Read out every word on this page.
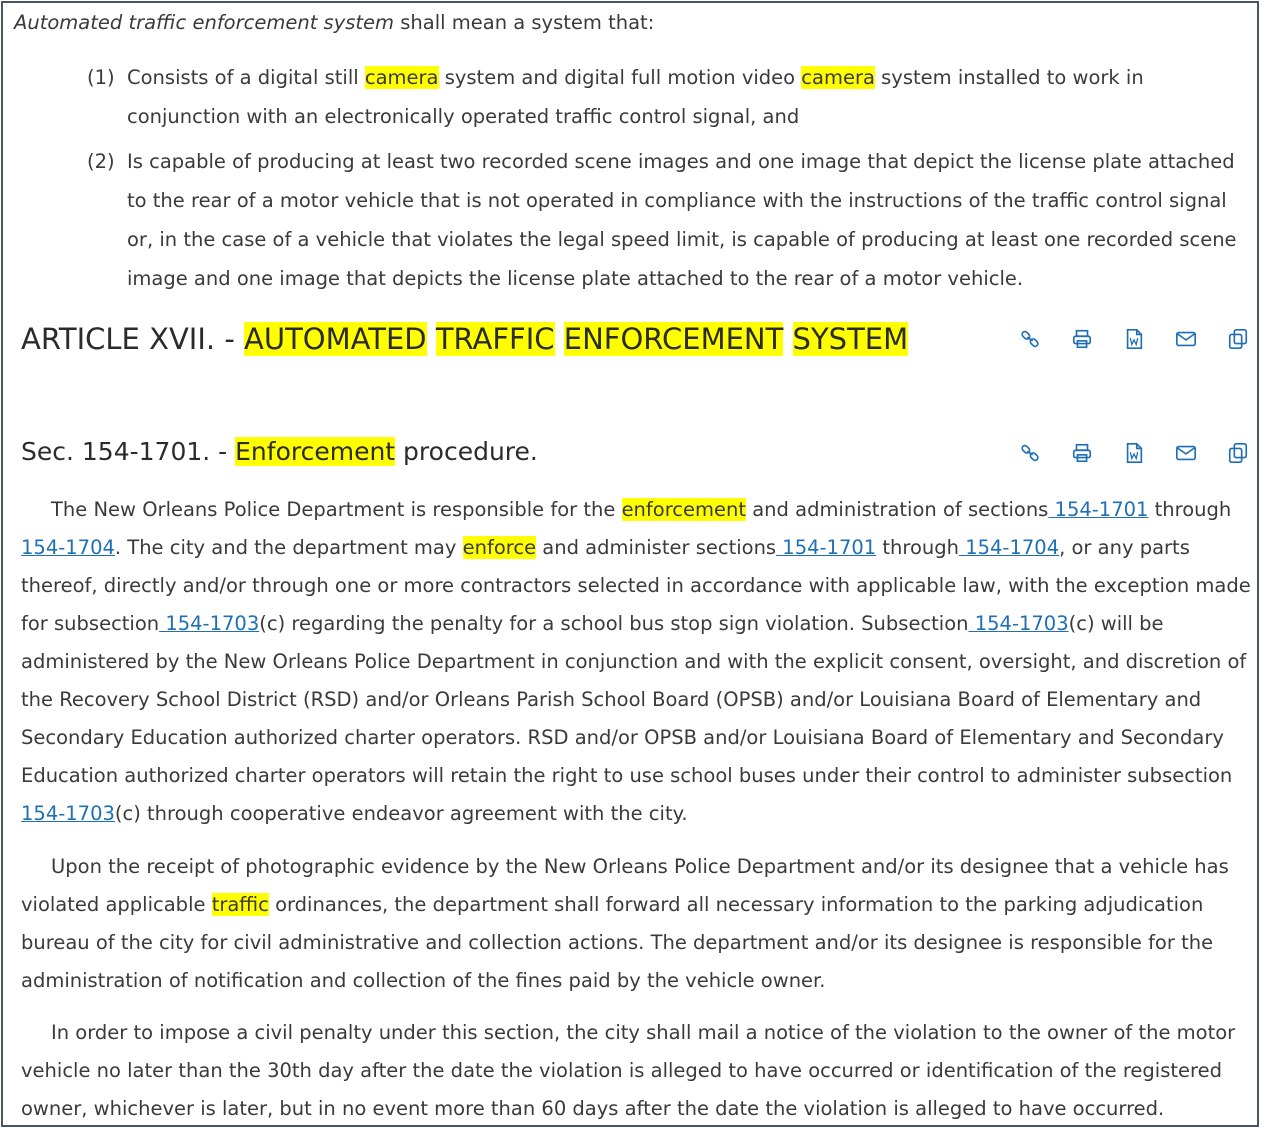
Automated traffic enforcement system shall mean a system that:
(1) Consists of a digital still camera system and digital full motion video camera system installed to work in conjunction with an electronically operated traffic control signal, and
(2) Is capable of producing at least two recorded scene images and one image that depict the license plate attached to the rear of a motor vehicle that is not operated in compliance with the instructions of the traffic control signal or, in the case of a vehicle that violates the legal speed limit, is capable of producing at least one recorded scene image and one image that depicts the license plate attached to the rear of a motor vehicle.
ARTICLE XVII. - AUTOMATED TRAFFIC ENFORCEMENT SYSTEM
Sec. 154-1701. - Enforcement procedure.
The New Orleans Police Department is responsible for the enforcement and administration of sections 154-1701 through 154-1704. The city and the department may enforce and administer sections 154-1701 through 154-1704, or any parts thereof, directly and/or through one or more contractors selected in accordance with applicable law, with the exception made for subsection 154-1703(c) regarding the penalty for a school bus stop sign violation. Subsection 154-1703(c) will be administered by the New Orleans Police Department in conjunction and with the explicit consent, oversight, and discretion of the Recovery School District (RSD) and/or Orleans Parish School Board (OPSB) and/or Louisiana Board of Elementary and Secondary Education authorized charter operators. RSD and/or OPSB and/or Louisiana Board of Elementary and Secondary Education authorized charter operators will retain the right to use school buses under their control to administer subsection 154-1703(c) through cooperative endeavor agreement with the city.
Upon the receipt of photographic evidence by the New Orleans Police Department and/or its designee that a vehicle has violated applicable traffic ordinances, the department shall forward all necessary information to the parking adjudication bureau of the city for civil administrative and collection actions. The department and/or its designee is responsible for the administration of notification and collection of the fines paid by the vehicle owner.
In order to impose a civil penalty under this section, the city shall mail a notice of the violation to the owner of the motor vehicle no later than the 30th day after the date the violation is alleged to have occurred or identification of the registered owner, whichever is later, but in no event more than 60 days after the date the violation is alleged to have occurred.
